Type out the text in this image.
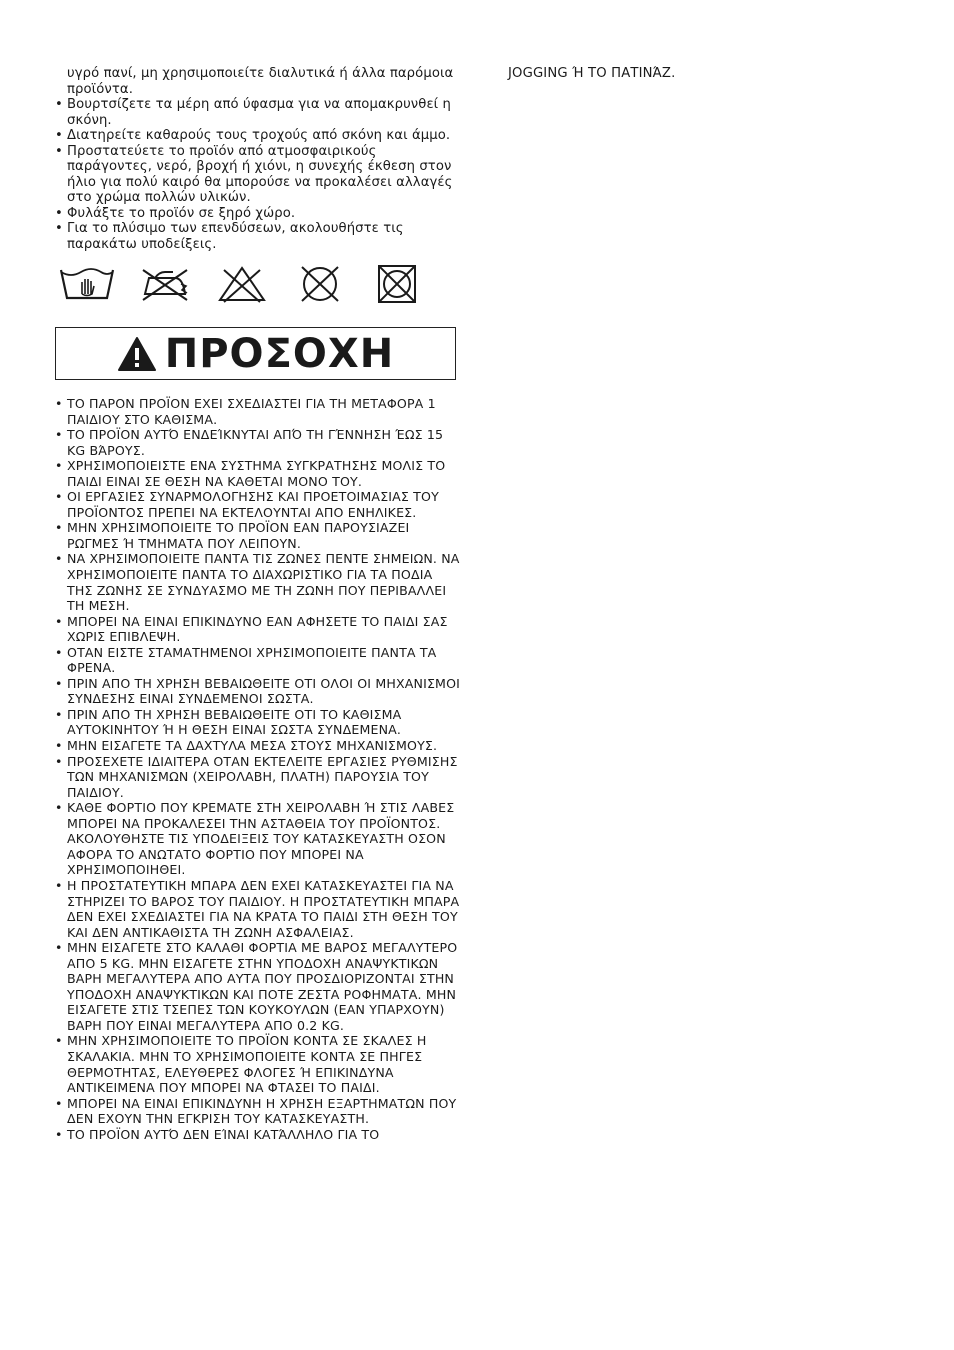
υγρό πανί, μη χρησιμοποιείτε διαλυτικά ή άλλα παρόμοια προϊόντα.

• Βουρτσίζετε τα μέρη από ύφασμα για να απομακρυνθεί η σκόνη.
• Διατηρείτε καθαρούς τους τροχούς από σκόνη και άμμο.
• Προστατεύετε το προϊόν από ατμοσφαιρικούς παράγοντες, νερό, βροχή ή χιόνι, η συνεχής έκθεση στον ήλιο για πολύ καιρό θα μπορούσε να προκαλέσει αλλαγές στο χρώμα πολλών υλικών.
• Φυλάξτε το προϊόν σε ξηρό χώρο.
• Για το πλύσιμο των επενδύσεων, ακολουθήστε τις παρακάτω υποδείξεις.
ΠΡΟΣΟΧΗ
• ΤΟ ΠΑΡΟΝ ΠΡΟΪΟΝ ΕΧΕΙ ΣΧΕΔΙΑΣΤΕΙ ΓΙΑ ΤΗ ΜΕΤΑΦΟΡΑ 1 ΠΑΙΔΙΟΥ ΣΤΟ ΚΑΘΙΣΜΑ.
• ΤΟ ΠΡΟΪΟΝ ΑΥΤΌ ΕΝΔΕΊΚΝΥΤΑΙ ΑΠΌ ΤΗ ΓΈΝΝΗΣΗ ΈΩΣ 15 KG ΒΆΡΟΥΣ.
• ΧΡΗΣΙΜΟΠΟΙΕΙΣΤΕ ΕΝΑ ΣΥΣΤΗΜΑ ΣΥΓΚΡΑΤΗΣΗΣ ΜΟΛΙΣ ΤΟ ΠΑΙΔΙ ΕΙΝΑΙ ΣΕ ΘΕΣΗ ΝΑ ΚΑΘΕΤΑΙ ΜΟΝΟ ΤΟΥ.
• ΟΙ ΕΡΓΑΣΙΕΣ ΣΥΝΑΡΜΟΛΟΓΗΣΗΣ ΚΑΙ ΠΡΟΕΤΟΙΜΑΣΙΑΣ ΤΟΥ ΠΡΟΪΟΝΤΟΣ ΠΡΕΠΕΙ ΝΑ ΕΚΤΕΛΟΥΝΤΑΙ ΑΠΟ ΕΝΗΛΙΚΕΣ.
• ΜΗΝ ΧΡΗΣΙΜΟΠΟΙΕΙΤΕ ΤΟ ΠΡΟΪΟΝ ΕΑΝ ΠΑΡΟΥΣΙΑΖΕΙ ΡΩΓΜΕΣ Ή ΤΜΗΜΑΤΑ ΠΟΥ ΛΕΙΠΟΥΝ.
• ΝΑ ΧΡΗΣΙΜΟΠΟΙΕΙΤΕ ΠΑΝΤΑ ΤΙΣ ΖΩΝΕΣ ΠΕΝΤΕ ΣΗΜΕΙΩΝ. ΝΑ ΧΡΗΣΙΜΟΠΟΙΕΙΤΕ ΠΑΝΤΑ ΤΟ ΔΙΑΧΩΡΙΣΤΙΚΟ ΓΙΑ ΤΑ ΠΟΔΙΑ ΤΗΣ ΖΩΝΗΣ ΣΕ ΣΥΝΔΥΑΣΜΟ ΜΕ ΤΗ ΖΩΝΗ ΠΟΥ ΠΕΡΙΒΑΛΛΕΙ ΤΗ ΜΕΣΗ.
• ΜΠΟΡΕΙ ΝΑ ΕΙΝΑΙ ΕΠΙΚΙΝΔΥΝΟ ΕΑΝ ΑΦΗΣΕΤΕ ΤΟ ΠΑΙΔΙ ΣΑΣ ΧΩΡΙΣ ΕΠΙΒΛΕΨΗ.
• ΟΤΑΝ ΕΙΣΤΕ ΣΤΑΜΑΤΗΜΕΝΟΙ ΧΡΗΣΙΜΟΠΟΙΕΙΤΕ ΠΑΝΤΑ ΤΑ ΦΡΕΝΑ.
• ΠΡΙΝ ΑΠΟ ΤΗ ΧΡΗΣΗ ΒΕΒΑΙΩΘΕΙΤΕ ΟΤΙ ΟΛΟΙ ΟΙ ΜΗΧΑΝΙΣΜΟΙ ΣΥΝΔΕΣΗΣ ΕΙΝΑΙ ΣΥΝΔΕΜΕΝΟΙ ΣΩΣΤΑ.
• ΠΡΙΝ ΑΠΟ ΤΗ ΧΡΗΣΗ ΒΕΒΑΙΩΘΕΙΤΕ ΟΤΙ ΤΟ ΚΑΘΙΣΜΑ ΑΥΤΟΚΙΝΗΤΟΥ Ή Η ΘΕΣΗ ΕΙΝΑΙ ΣΩΣΤΑ ΣΥΝΔΕΜΕΝΑ.
• ΜΗΝ ΕΙΣΑΓΕΤΕ ΤΑ ΔΑΧΤΥΛΑ ΜΕΣΑ ΣΤΟΥΣ ΜΗΧΑΝΙΣΜΟΥΣ.
• ΠΡΟΣΕΧΕΤΕ ΙΔΙΑΙΤΕΡΑ ΟΤΑΝ ΕΚΤΕΛΕΙΤΕ ΕΡΓΑΣΙΕΣ ΡΥΘΜΙΣΗΣ ΤΩΝ ΜΗΧΑΝΙΣΜΩΝ (ΧΕΙΡΟΛΑΒΗ, ΠΛΑΤΗ) ΠΑΡΟΥΣΙΑ ΤΟΥ ΠΑΙΔΙΟΥ.
• ΚΑΘΕ ΦΟΡΤΙΟ ΠΟΥ ΚΡΕΜΑΤΕ ΣΤΗ ΧΕΙΡΟΛΑΒΗ Ή ΣΤΙΣ ΛΑΒΕΣ ΜΠΟΡΕΙ ΝΑ ΠΡΟΚΑΛΕΣΕΙ ΤΗΝ ΑΣΤΑΘΕΙΑ ΤΟΥ ΠΡΟΪΟΝΤΟΣ. ΑΚΟΛΟΥΘΗΣΤΕ ΤΙΣ ΥΠΟΔΕΙΞΕΙΣ ΤΟΥ ΚΑΤΑΣΚΕΥΑΣΤΗ ΟΣΟΝ ΑΦΟΡΑ ΤΟ ΑΝΩΤΑΤΟ ΦΟΡΤΙΟ ΠΟΥ ΜΠΟΡΕΙ ΝΑ ΧΡΗΣΙΜΟΠΟΙΗΘΕΙ.
• Η ΠΡΟΣΤΑΤΕΥΤΙΚΗ ΜΠΑΡΑ ΔΕΝ ΕΧΕΙ ΚΑΤΑΣΚΕΥΑΣΤΕΙ ΓΙΑ ΝΑ ΣΤΗΡΙΖΕΙ ΤΟ ΒΑΡΟΣ ΤΟΥ ΠΑΙΔΙΟΥ. Η ΠΡΟΣΤΑΤΕΥΤΙΚΗ ΜΠΑΡΑ ΔΕΝ ΕΧΕΙ ΣΧΕΔΙΑΣΤΕΙ ΓΙΑ ΝΑ ΚΡΑΤΑ ΤΟ ΠΑΙΔΙ ΣΤΗ ΘΕΣΗ ΤΟΥ ΚΑΙ ΔΕΝ ΑΝΤΙΚΑΘΙΣΤΑ ΤΗ ΖΩΝΗ ΑΣΦΑΛΕΙΑΣ.
• ΜΗΝ ΕΙΣΑΓΕΤΕ ΣΤΟ ΚΑΛΑΘΙ ΦΟΡΤΙΑ ΜΕ ΒΑΡΟΣ ΜΕΓΑΛΥΤΕΡΟ ΑΠΟ 5 KG. ΜΗΝ ΕΙΣΑΓΕΤΕ ΣΤΗΝ ΥΠΟΔΟΧΗ ΑΝΑΨΥΚΤΙΚΩΝ ΒΑΡΗ ΜΕΓΑΛΥΤΕΡΑ ΑΠΟ ΑΥΤΑ ΠΟΥ ΠΡΟΣΔΙΟΡΙΖΟΝΤΑΙ ΣΤΗΝ ΥΠΟΔΟΧΗ ΑΝΑΨΥΚΤΙΚΩΝ ΚΑΙ ΠΟΤΕ ΖΕΣΤΑ ΡΟΦΗΜΑΤΑ. ΜΗΝ ΕΙΣΑΓΕΤΕ ΣΤΙΣ ΤΣΕΠΕΣ ΤΩΝ ΚΟΥΚΟΥΛΩΝ (ΕΑΝ ΥΠΑΡΧΟΥΝ) ΒΑΡΗ ΠΟΥ ΕΙΝΑΙ ΜΕΓΑΛΥΤΕΡΑ ΑΠΟ 0.2 KG.
• ΜΗΝ ΧΡΗΣΙΜΟΠΟΙΕΙΤΕ ΤΟ ΠΡΟΪΟΝ ΚΟΝΤΑ ΣΕ ΣΚΑΛΕΣ Η ΣΚΑΛΑΚΙΑ. ΜΗΝ ΤΟ ΧΡΗΣΙΜΟΠΟΙΕΙΤΕ ΚΟΝΤΑ ΣΕ ΠΗΓΕΣ ΘΕΡΜΟΤΗΤΑΣ, ΕΛΕΥΘΕΡΕΣ ΦΛΟΓΕΣ Ή ΕΠΙΚΙΝΔΥΝΑ ΑΝΤΙΚΕΙΜΕΝΑ ΠΟΥ ΜΠΟΡΕΙ ΝΑ ΦΤΑΣΕΙ ΤΟ ΠΑΙΔΙ.
• ΜΠΟΡΕΙ ΝΑ ΕΙΝΑΙ ΕΠΙΚΙΝΔΥΝΗ Η ΧΡΗΣΗ ΕΞΑΡΤΗΜΑΤΩΝ ΠΟΥ ΔΕΝ ΕΧΟΥΝ ΤΗΝ ΕΓΚΡΙΣΗ ΤΟΥ ΚΑΤΑΣΚΕΥΑΣΤΗ.
• ΤΟ ΠΡΟΪΟΝ ΑΥΤΌ ΔΕΝ ΕΊΝΑΙ ΚΑΤΆΛΛΗΛΟ ΓΙΑ ΤΟ

JOGGING Ή ΤΟ ΠΑΤΙΝΆΖ.
